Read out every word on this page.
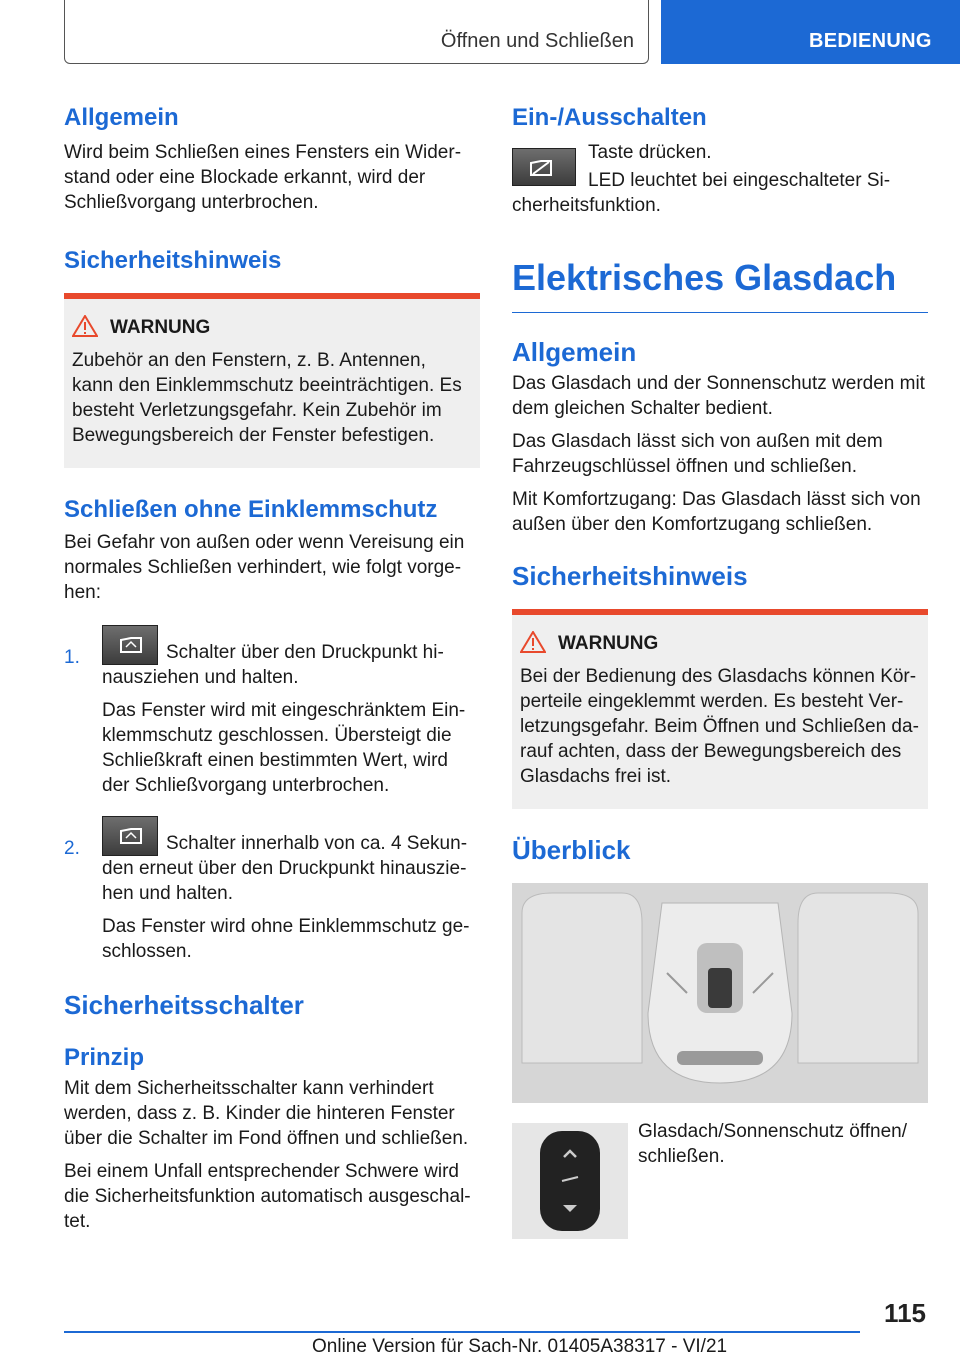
Öffnen und Schließen	BEDIENUNG
Allgemein

Wird beim Schließen eines Fensters ein Widerstand oder eine Blockade erkannt, wird der Schließvorgang unterbrochen.

Sicherheitshinweis
WARNUNG

Zubehör an den Fenstern, z. B. Antennen, kann den Einklemmschutz beeinträchtigen. Es besteht Verletzungsgefahr. Kein Zubehör im Bewegungsbereich der Fenster befestigen.

Schließen ohne Einklemmschutz

Bei Gefahr von außen oder wenn Vereisung ein normales Schließen verhindert, wie folgt vorgehen:

1.	Schalter über den Druckpunkt hinausziehen und halten.

Das Fenster wird mit eingeschränktem Einklemmschutz geschlossen. Übersteigt die Schließkraft einen bestimmten Wert, wird der Schließvorgang unterbrochen.

2.	Schalter innerhalb von ca. 4 Sekunden erneut über den Druckpunkt hinausziehen und halten.

Das Fenster wird ohne Einklemmschutz geschlossen.

Sicherheitsschalter
Prinzip

Mit dem Sicherheitsschalter kann verhindert werden, dass z. B. Kinder die hinteren Fenster über die Schalter im Fond öffnen und schließen.

Bei einem Unfall entsprechender Schwere wird die Sicherheitsfunktion automatisch ausgeschaltet.

Ein-/Ausschalten

Taste drücken.

LED leuchtet bei eingeschalteter Sicherheitsfunktion.

Elektrisches Glasdach
Allgemein

Das Glasdach und der Sonnenschutz werden mit dem gleichen Schalter bedient.

Das Glasdach lässt sich von außen mit dem Fahrzeugschlüssel öffnen und schließen.

Mit Komfortzugang: Das Glasdach lässt sich von außen über den Komfortzugang schließen.

Sicherheitshinweis
WARNUNG

Bei der Bedienung des Glasdachs können Körperteile eingeklemmt werden. Es besteht Verletzungsgefahr. Beim Öffnen und Schließen darauf achten, dass der Bewegungsbereich des Glasdachs frei ist.

Überblick

Glasdach/Sonnenschutz öffnen/ schließen.

115
Online Version für Sach-Nr. 01405A38317 - VI/21
